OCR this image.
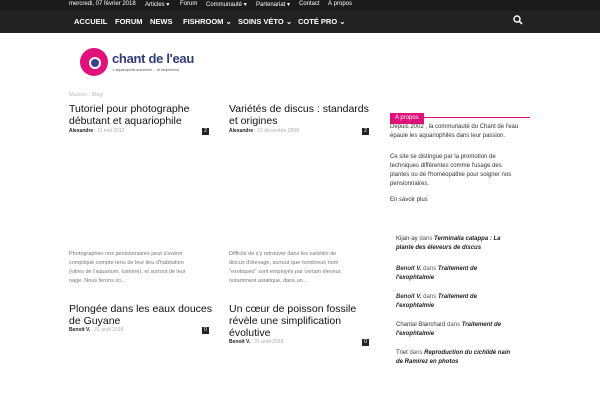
mercredi, 07 février 2018 Articles ▾ Forum Communauté ▾ Partenariat ▾ Contact À propos
ACCUEIL FORUM NEWS FISHROOM ⌄ SOINS VÉTO ⌄ COTÉ PRO ⌄
chant de l'eau
L'aquariophilie autrement ... et simplement
Maison › Blog
Tutoriel pour photographe
débutant et aquariophile
Alexandre 11 mai 2012	2
Photographier nos pensionnaires peut s'avérer
compliqué compte tenu de leur lieu d'habitation
(vitres de l'aquarium, lumière), et surtout de leur
nage. Nous ferons ici...
Variétés de discus : standards
et origines
Alexandre 12 décembre 2009	2
Difficile de s'y retrouver dans les variétés de
discus d'élevage, surtout que nombreux nom
"exotiques" sont employés par certain éleveur,
notamment asiatique, dans un...
Plongée dans les eaux douces
de Guyane
Benoit V. 21 août 2018	0
Un cœur de poisson fossile
révèle une simplification
évolutive
Benoit V. 31 août 2018	0
A propos
Depuis 2002 , la communauté du Chant de l'eau
épaule les aquariophiles dans leur passion.
Ce site se distingue par la promotion de
techniques différentes comme l'usage des
plantes ou de l'homéopathie pour soigner nos
pensionnaires.
En savoir plus
Kijan-ay dans Terminalia catappa : La
plante des éleveurs de discus
Benoit V. dans Traitement de
l'exophtalmie
Benoit V. dans Traitement de
l'exophtalmie
Chantal Blanchard dans Traitement de
l'exophtalmie
Triet dans Reproduction du cichlidé nain
de Ramirez en photos
